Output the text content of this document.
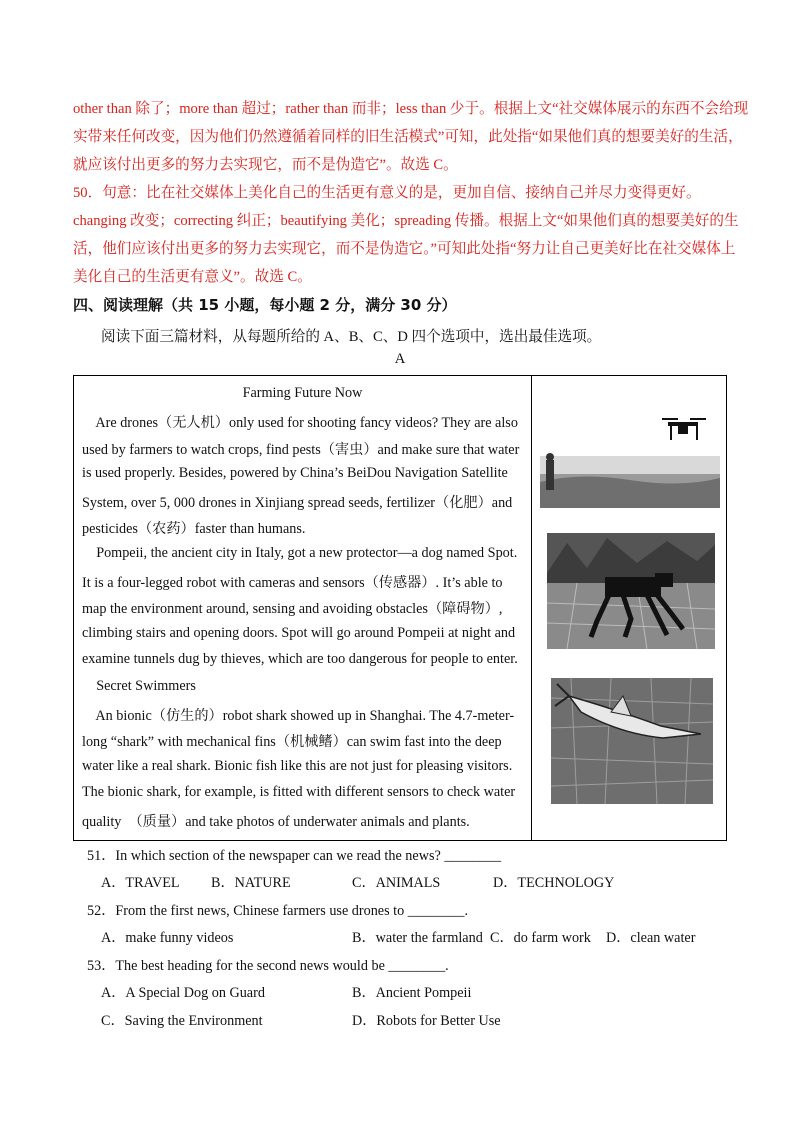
other than 除了；more than 超过；rather than 而非；less than 少于。根据上文“社交媒体展示的东西不会给现
实带来任何改变，因为他们仍然遵循着同样的旧生活模式”可知，此处指“如果他们真的想要美好的生活，
就应该付出更多的努力去实现它，而不是伪造它”。故选 C。
50．句意：比在社交媒体上美化自己的生活更有意义的是，更加自信、接纳自己并尽力变得更好。
changing 改变；correcting 纠正；beautifying 美化；spreading 传播。根据上文“如果他们真的想要美好的生
活，他们应该付出更多的努力去实现它，而不是伪造它。”可知此处指“努力让自己更美好比在社交媒体上
美化自己的生活更有意义”。故选 C。
四、阅读理解（共 15 小题，每小题 2 分，满分 30 分）
阅读下面三篇材料，从每题所给的 A、B、C、D 四个选项中，选出最佳选项。
A
Farming Future Now
Are drones（无人机）only used for shooting fancy videos? They are also
used by farmers to watch crops, find pests（害虫）and make sure that water
is used properly. Besides, powered by China’s BeiDou Navigation Satellite
System, over 5, 000 drones in Xinjiang spread seeds, fertilizer（化肥）and
pesticides（农药）faster than humans.
Pompeii, the ancient city in Italy, got a new protector—a dog named Spot.
It is a four-legged robot with cameras and sensors（传感器）. It’s able to
map the environment around, sensing and avoiding obstacles（障碍物）,
climbing stairs and opening doors. Spot will go around Pompeii at night and
examine tunnels dug by thieves, which are too dangerous for people to enter.
Secret Swimmers
An bionic（仿生的）robot shark showed up in Shanghai. The 4.7-meter-
long “shark” with mechanical fins（机械鳍）can swim fast into the deep
water like a real shark. Bionic fish like this are not just for pleasing visitors.
The bionic shark, for example, is fitted with different sensors to check water
quality  （质量）and take photos of underwater animals and plants.
51．In which section of the newspaper can we read the news? ________
A．TRAVEL B．NATURE	C．ANIMALS	D．TECHNOLOGY
52．From the first news, Chinese farmers use drones to ________.
A．make funny videos	B．water the farmland C．do farm work D．clean water
53．The best heading for the second news would be ________.
A．A Special Dog on Guard	B．Ancient Pompeii
C．Saving the Environment	D．Robots for Better Use
